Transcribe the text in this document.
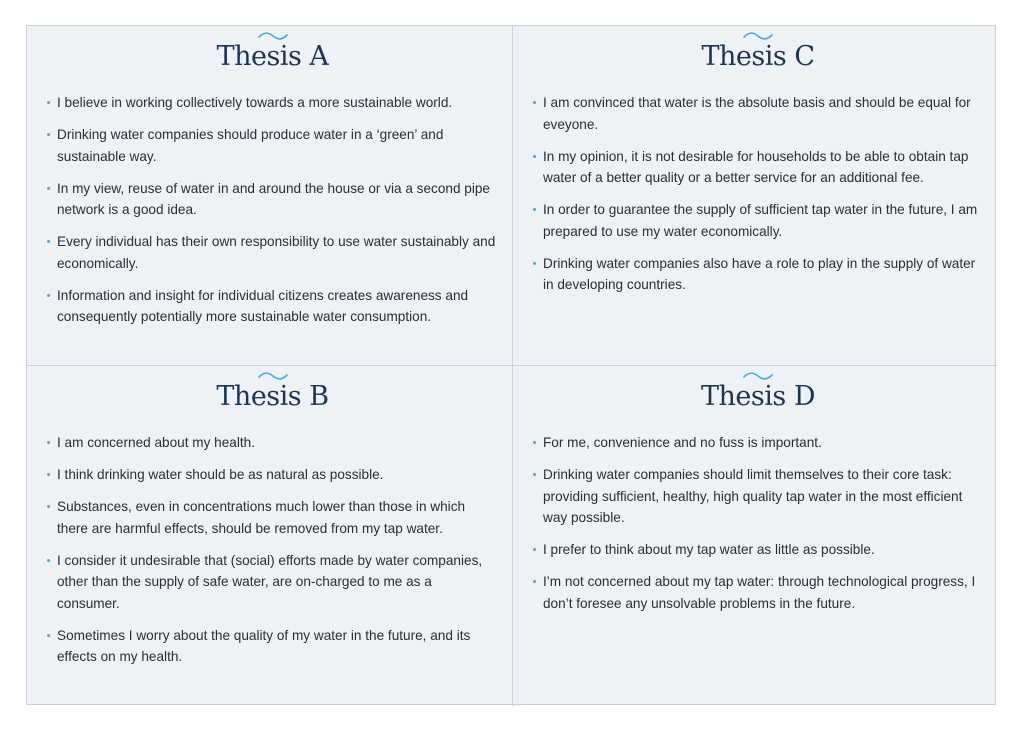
Thesis A
I believe in working collectively towards a more sustainable world.
Drinking water companies should produce water in a ‘green’ and sustainable way.
In my view, reuse of water in and around the house or via a second pipe network is a good idea.
Every individual has their own responsibility to use water sustainably and economically.
Information and insight for individual citizens creates awareness and consequently potentially more sustainable water consumption.
Thesis C
I am convinced that water is the absolute basis and should be equal for eveyone.
In my opinion, it is not desirable for households to be able to obtain tap water of a better quality or a better service for an additional fee.
In order to guarantee the supply of sufficient tap water in the future, I am prepared to use my water economically.
Drinking water companies also have a role to play in the supply of water in developing countries.
Thesis B
I am concerned about my health.
I think drinking water should be as natural as possible.
Substances, even in concentrations much lower than those in which there are harmful effects, should be removed from my tap water.
I consider it undesirable that (social) efforts made by water companies, other than the supply of safe water, are on-charged to me as a consumer.
Sometimes I worry about the quality of my water in the future, and its effects on my health.
Thesis D
For me, convenience and no fuss is important.
Drinking water companies should limit themselves to their core task: providing sufficient, healthy, high quality tap water in the most efficient way possible.
I prefer to think about my tap water as little as possible.
I’m not concerned about my tap water: through technological progress, I don’t foresee any unsolvable problems in the future.
